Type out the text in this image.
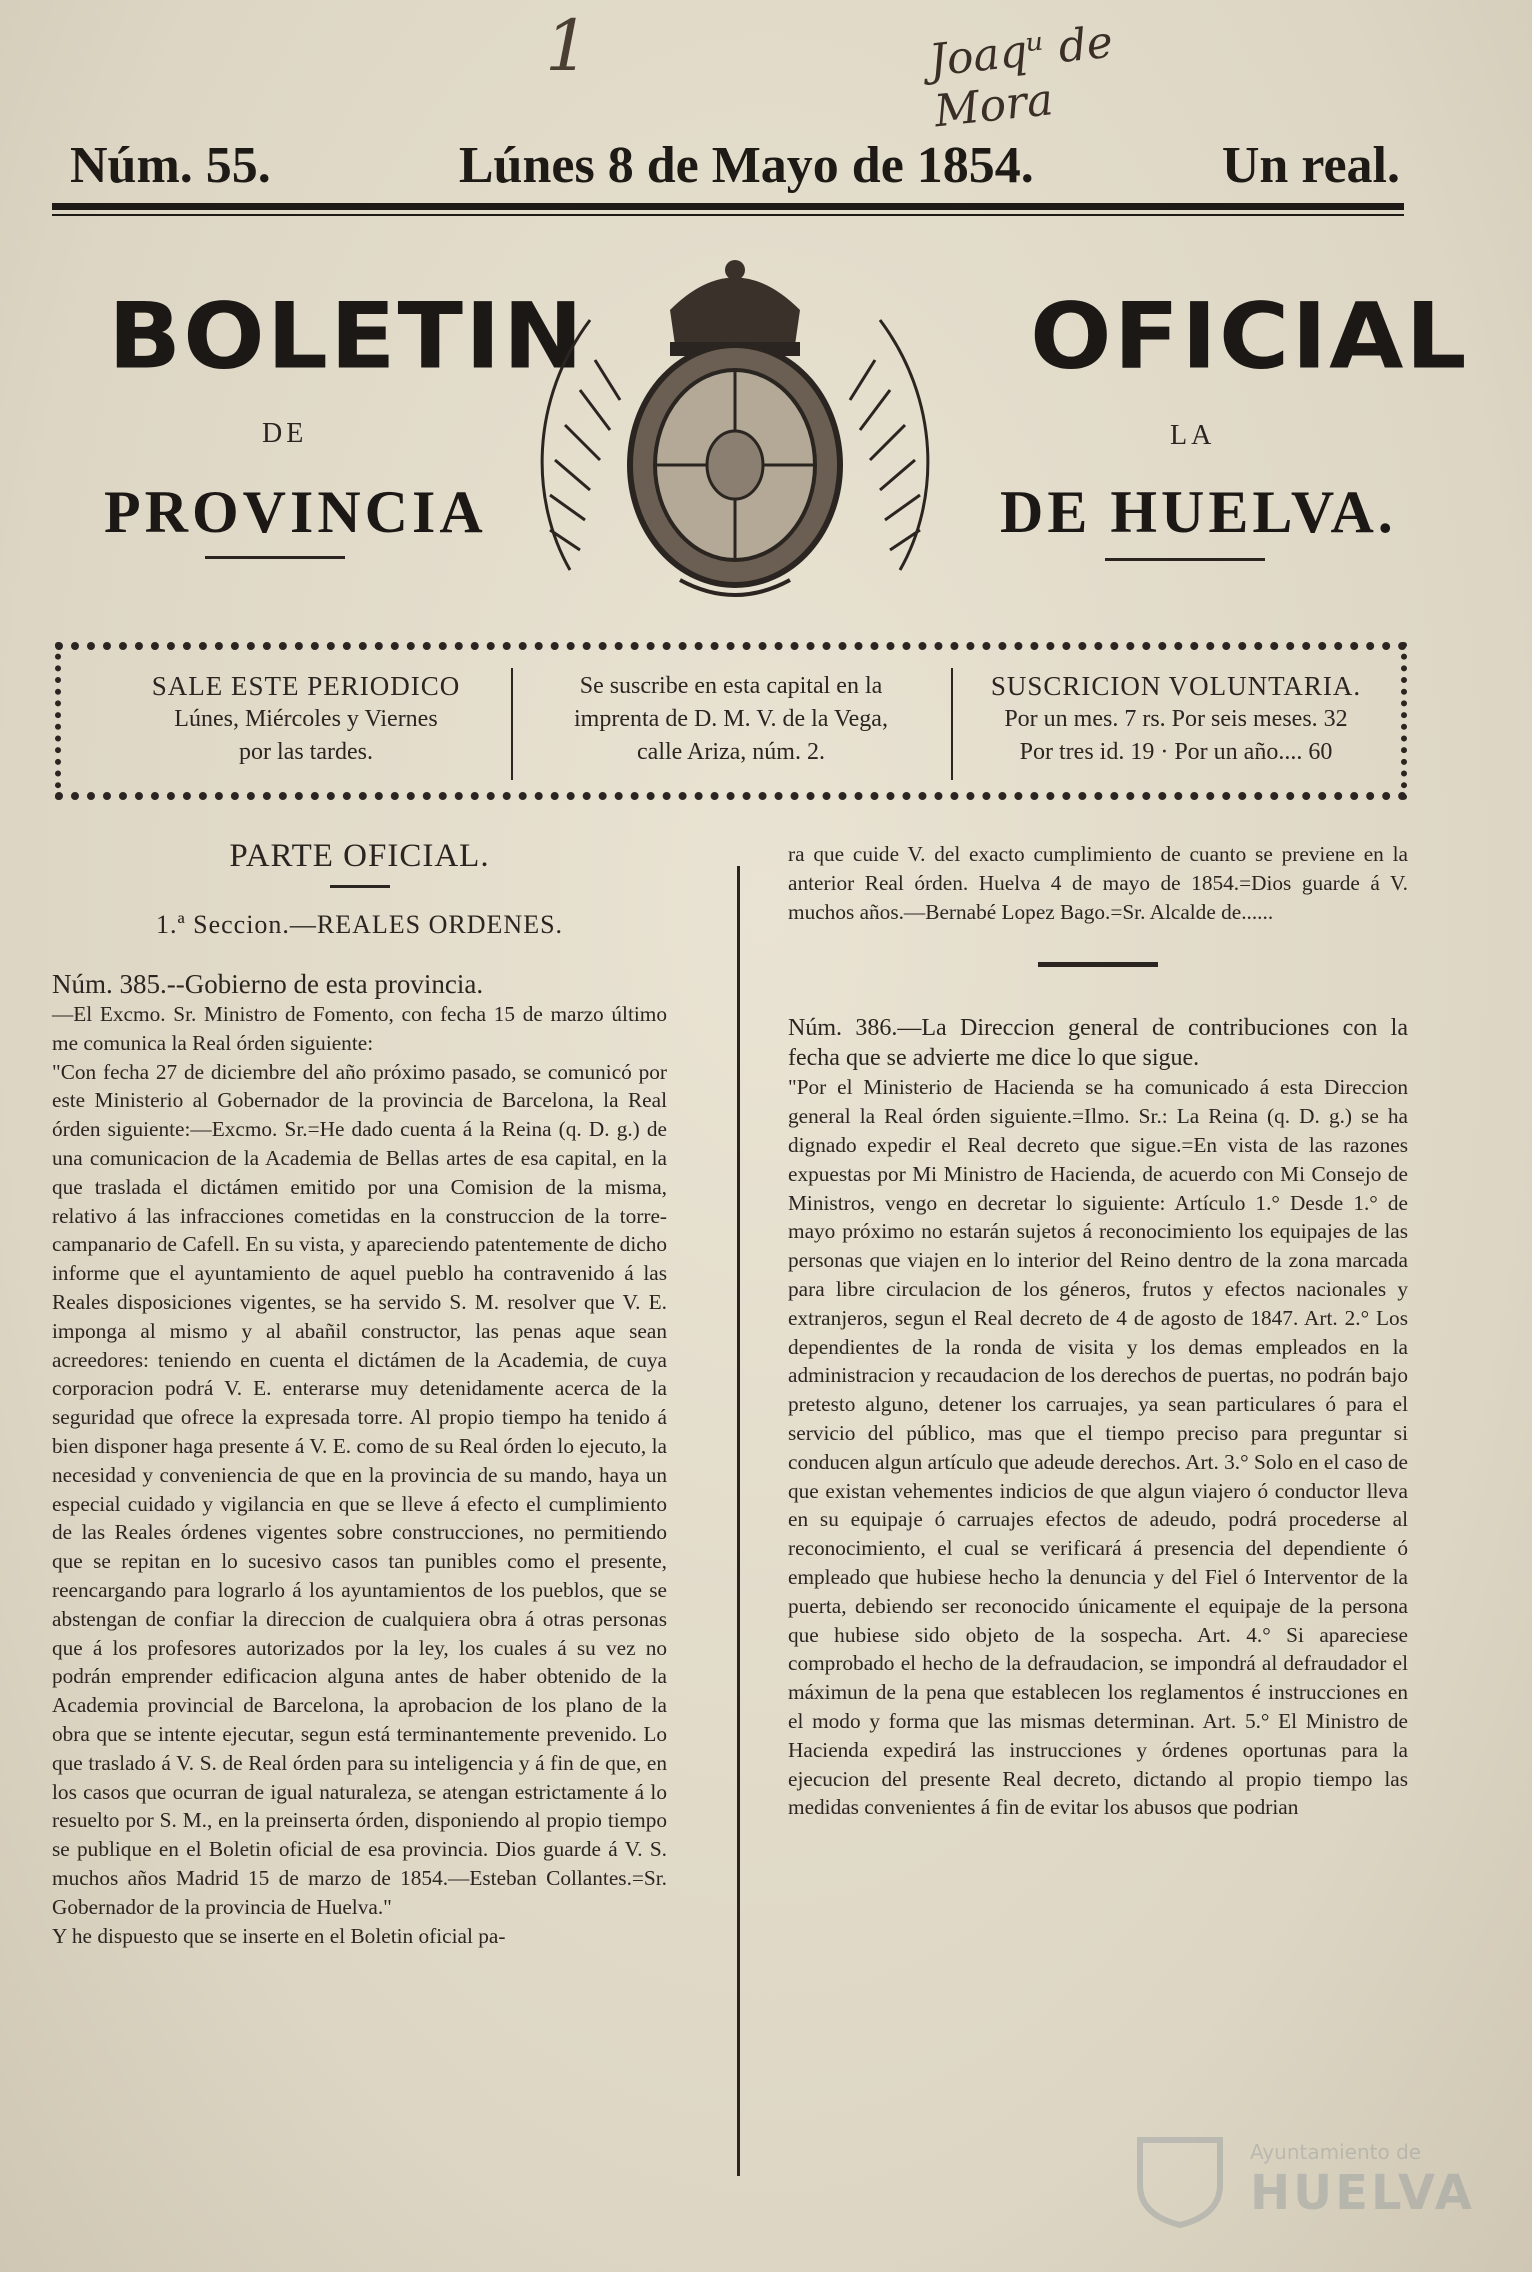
1	Joaqᵘ de Mora
Núm. 55.	Lúnes 8 de Mayo de 1854.	Un real.
BOLETIN
DE
PROVINCIA
OFICIAL
LA
DE HUELVA.
SALE ESTE PERIODICO
Lúnes, Miércoles y Viernes
por las tardes.
Se suscribe en esta capital en la
imprenta de D. M. V. de la Vega,
calle Ariza, núm. 2.
SUSCRICION VOLUNTARIA.
Por un mes. 7 rs. Por seis meses. 32
Por tres id. 19 · Por un año.... 60
PARTE OFICIAL.
1.ª Seccion.—REALES ORDENES.
Núm. 385.--Gobierno de esta provincia.

—El Excmo. Sr. Ministro de Fomento, con fecha 15 de marzo último me comunica la Real órden siguiente:
"Con fecha 27 de diciembre del año próximo pasado, se comunicó por este Ministerio al Gobernador de la provincia de Barcelona, la Real órden siguiente:—Excmo. Sr.=He dado cuenta á la Reina (q. D. g.) de una comunicacion de la Academia de Bellas artes de esa capital, en la que traslada el dictámen emitido por una Comision de la misma, relativo á las infracciones cometidas en la construccion de la torre-campanario de Cafell. En su vista, y apareciendo patentemente de dicho informe que el ayuntamiento de aquel pueblo ha contravenido á las Reales disposiciones vigentes, se ha servido S. M. resolver que V. E. imponga al mismo y al abañil constructor, las penas aque sean acreedores: teniendo en cuenta el dictámen de la Academia, de cuya corporacion podrá V. E. enterarse muy detenidamente acerca de la seguridad que ofrece la expresada torre. Al propio tiempo ha tenido á bien disponer haga presente á V. E. como de su Real órden lo ejecuto, la necesidad y conveniencia de que en la provincia de su mando, haya un especial cuidado y vigilancia en que se lleve á efecto el cumplimiento de las Reales órdenes vigentes sobre construcciones, no permitiendo que se repitan en lo sucesivo casos tan punibles como el presente, reencargando para lograrlo á los ayuntamientos de los pueblos, que se abstengan de confiar la direccion de cualquiera obra á otras personas que á los profesores autorizados por la ley, los cuales á su vez no podrán emprender edificacion alguna antes de haber obtenido de la Academia provincial de Barcelona, la aprobacion de los plano de la obra que se intente ejecutar, segun está terminantemente prevenido. Lo que traslado á V. S. de Real órden para su inteligencia y á fin de que, en los casos que ocurran de igual naturaleza, se atengan estrictamente á lo resuelto por S. M., en la preinserta órden, disponiendo al propio tiempo se publique en el Boletin oficial de esa provincia. Dios guarde á V. S. muchos años Madrid 15 de marzo de 1854.—Esteban Collantes.=Sr. Gobernador de la provincia de Huelva."
Y he dispuesto que se inserte en el Boletin oficial pa-

ra que cuide V. del exacto cumplimiento de cuanto se previene en la anterior Real órden. Huelva 4 de mayo de 1854.=Dios guarde á V. muchos años.—Bernabé Lopez Bago.=Sr. Alcalde de......

Núm. 386.—La Direccion general de contribuciones con la fecha que se advierte me dice lo que sigue.

"Por el Ministerio de Hacienda se ha comunicado á esta Direccion general la Real órden siguiente.=Ilmo. Sr.: La Reina (q. D. g.) se ha dignado expedir el Real decreto que sigue.=En vista de las razones expuestas por Mi Ministro de Hacienda, de acuerdo con Mi Consejo de Ministros, vengo en decretar lo siguiente: Artículo 1.° Desde 1.° de mayo próximo no estarán sujetos á reconocimiento los equipajes de las personas que viajen en lo interior del Reino dentro de la zona marcada para libre circulacion de los géneros, frutos y efectos nacionales y extranjeros, segun el Real decreto de 4 de agosto de 1847. Art. 2.° Los dependientes de la ronda de visita y los demas empleados en la administracion y recaudacion de los derechos de puertas, no podrán bajo pretesto alguno, detener los carruajes, ya sean particulares ó para el servicio del público, mas que el tiempo preciso para preguntar si conducen algun artículo que adeude derechos. Art. 3.° Solo en el caso de que existan vehementes indicios de que algun viajero ó conductor lleva en su equipaje ó carruajes efectos de adeudo, podrá procederse al reconocimiento, el cual se verificará á presencia del dependiente ó empleado que hubiese hecho la denuncia y del Fiel ó Interventor de la puerta, debiendo ser reconocido únicamente el equipaje de la persona que hubiese sido objeto de la sospecha. Art. 4.° Si apareciese comprobado el hecho de la defraudacion, se impondrá al defraudador el máximun de la pena que establecen los reglamentos é instrucciones en el modo y forma que las mismas determinan. Art. 5.° El Ministro de Hacienda expedirá las instrucciones y órdenes oportunas para la ejecucion del presente Real decreto, dictando al propio tiempo las medidas convenientes á fin de evitar los abusos que podrian

Ayuntamiento de
HUELVA
